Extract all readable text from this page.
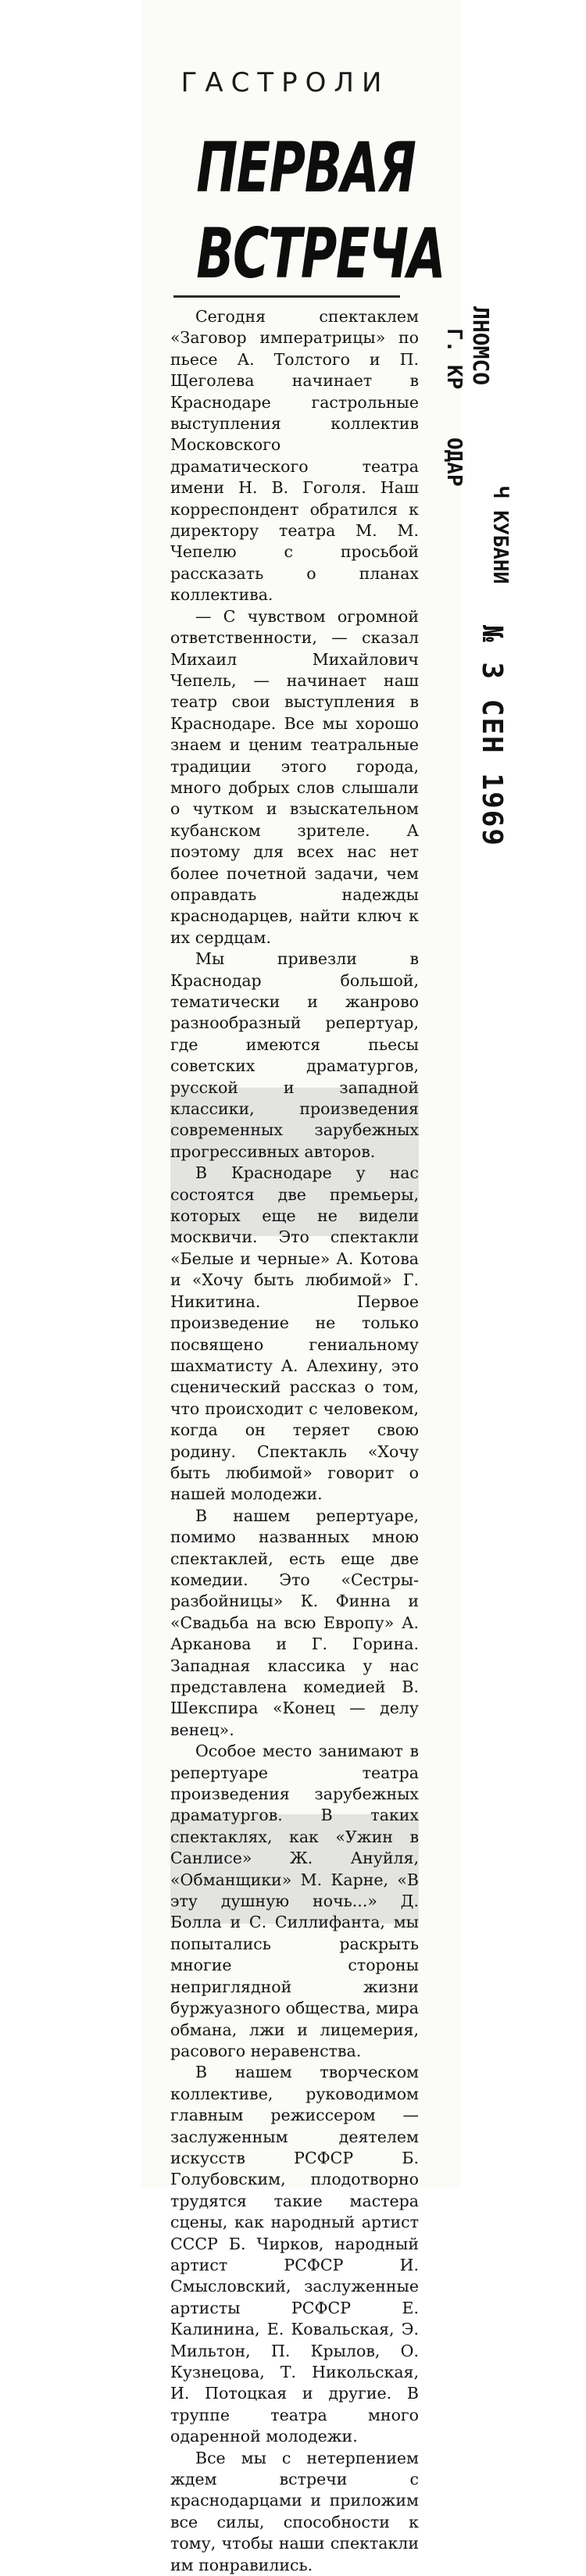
ГАСТРОЛИ
ПЕРВАЯ
ВСТРЕЧА

Сегодня спектаклем «Заговор императрицы» по пьесе А. Толстого и П. Щеголева начинает в Краснодаре гастрольные выступления коллектив Московского драматического театра имени Н. В. Гоголя. Наш корреспондент обратился к директору театра М. М. Чепелю с просьбой рассказать о планах коллектива.

— С чувством огромной ответственности, — сказал Михаил Михайлович Чепель, — начинает наш театр свои выступления в Краснодаре. Все мы хорошо знаем и ценим театральные традиции этого города, много добрых слов слышали о чутком и взыскательном кубанском зрителе. А поэтому для всех нас нет более почетной задачи, чем оправдать надежды краснодарцев, найти ключ к их сердцам.

Мы привезли в Краснодар большой, тематически и жанрово разнообразный репертуар, где имеются пьесы советских драматургов, русской и западной классики, произведения современных зарубежных прогрессивных авторов.

В Краснодаре у нас состоятся две премьеры, которых еще не видели москвичи. Это спектакли «Белые и черные» А. Котова и «Хочу быть любимой» Г. Никитина. Первое произведение не только посвящено гениальному шахматисту А. Алехину, это сценический рассказ о том, что происходит с человеком, когда он теряет свою родину. Спектакль «Хочу быть любимой» говорит о нашей молодежи.

В нашем репертуаре, помимо названных мною спектаклей, есть еще две комедии. Это «Сестры-разбойницы» К. Финна и «Свадьба на всю Европу» А. Арканова и Г. Горина. Западная классика у нас представлена комедией В. Шекспира «Конец — делу венец».

Особое место занимают в репертуаре театра произведения зарубежных драматургов. В таких спектаклях, как «Ужин в Санлисе» Ж. Ануйля, «Обманщики» М. Карне, «В эту душную ночь...» Д. Болла и С. Силлифанта, мы попытались раскрыть многие стороны неприглядной жизни буржуазного общества, мира обмана, лжи и лицемерия, расового неравенства.

В нашем творческом коллективе, руководимом главным режиссером — заслуженным деятелем искусств РСФСР Б. Голубовским, плодотворно трудятся такие мастера сцены, как народный артист СССР Б. Чирков, народный артист РСФСР И. Смысловский, заслуженные артисты РСФСР Е. Калинина, Е. Ковальская, Э. Мильтон, П. Крылов, О. Кузнецова, Т. Никольская, И. Потоцкая и другие. В труппе театра много одаренной молодежи.

Все мы с нетерпением ждем встречи с краснодарцами и приложим все силы, способности к тому, чтобы наши спектакли им понравились.

ЛНОМСО
Г. КР
ОДАР
Ч КУБАНИ
№ 3 СЕН 1969
